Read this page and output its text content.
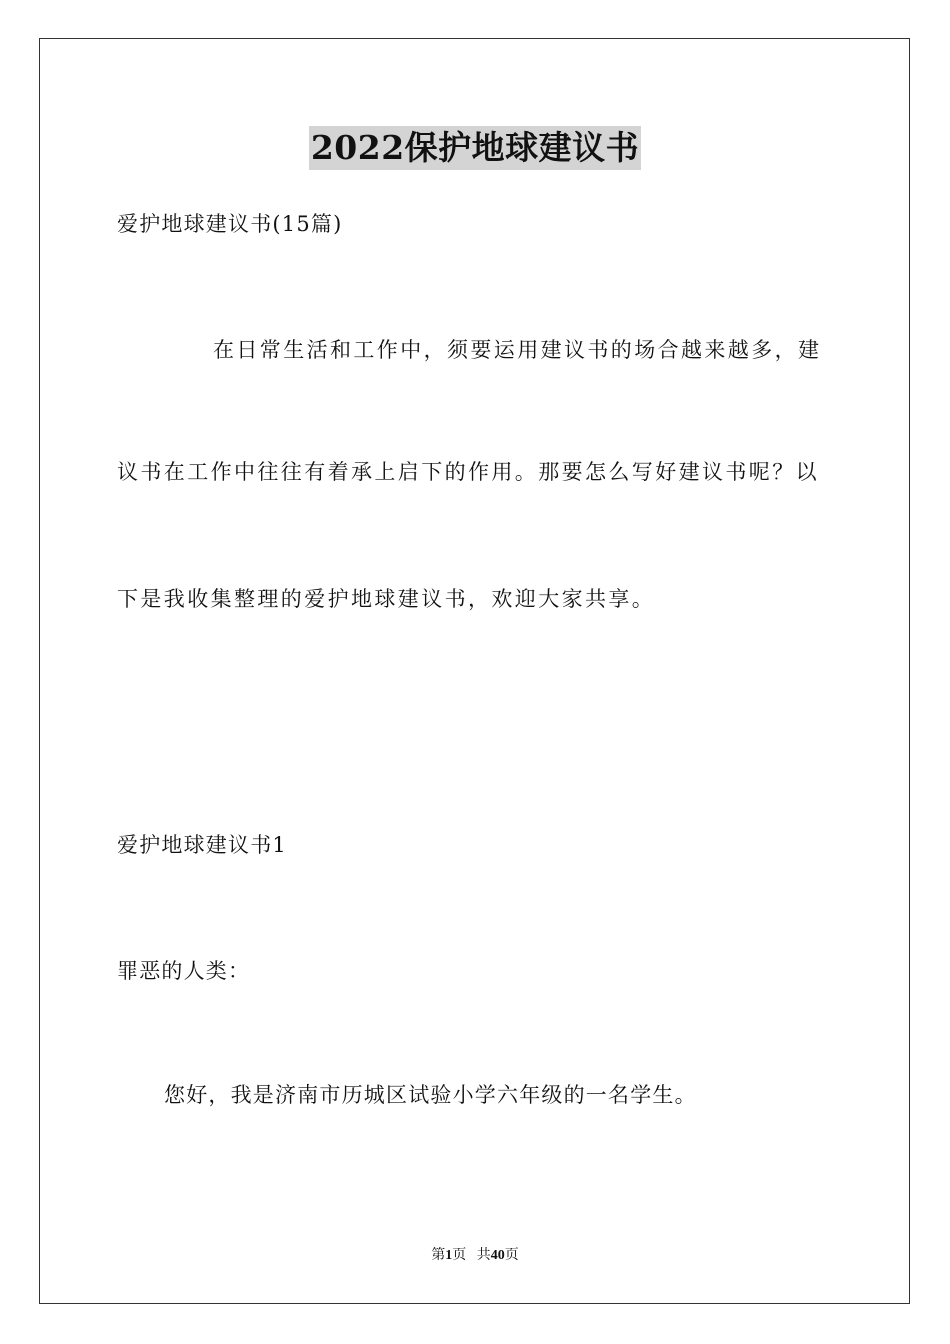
2022保护地球建议书

爱护地球建议书(15篇)

在日常生活和工作中，须要运用建议书的场合越来越多，建

议书在工作中往往有着承上启下的作用。那要怎么写好建议书呢？以

下是我收集整理的爱护地球建议书，欢迎大家共享。

爱护地球建议书1

罪恶的人类：

您好，我是济南市历城区试验小学六年级的一名学生。

第1页   共40页
